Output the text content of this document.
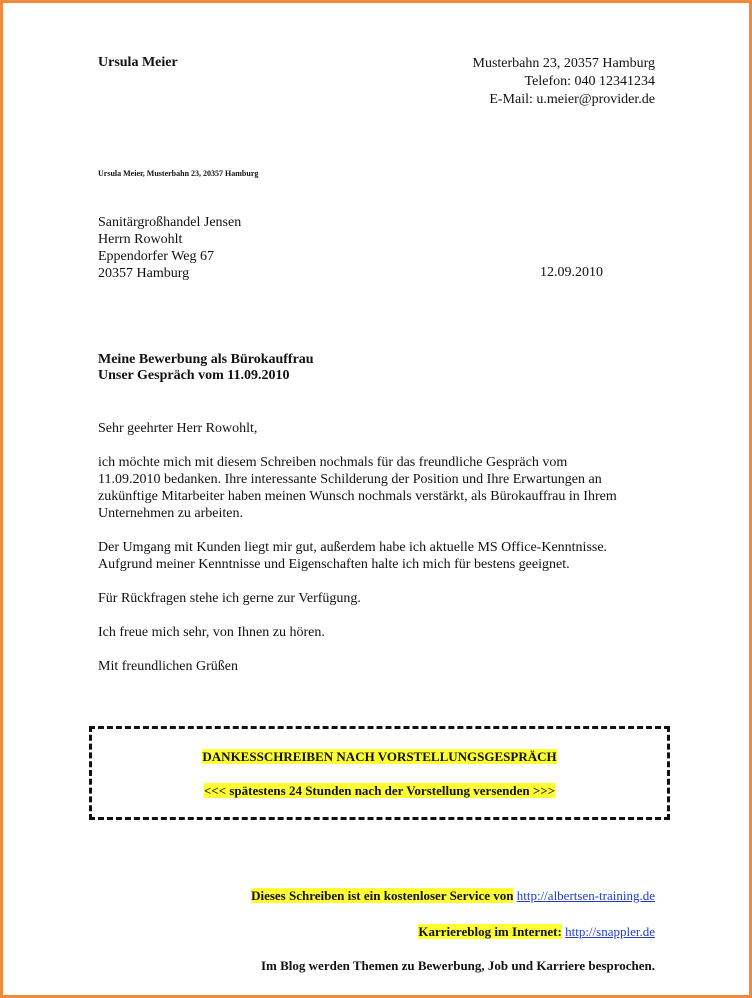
Ursula Meier	Musterbahn 23, 20357 Hamburg
Telefon: 040 12341234
E-Mail: u.meier@provider.de
Ursula Meier, Musterbahn 23, 20357 Hamburg
Sanitärgroßhandel Jensen
Herrn Rowohlt
Eppendorfer Weg 67
20357 Hamburg	12.09.2010
Meine Bewerbung als Bürokauffrau
Unser Gespräch vom 11.09.2010

Sehr geehrter Herr Rowohlt,

ich möchte mich mit diesem Schreiben nochmals für das freundliche Gespräch vom

11.09.2010 bedanken. Ihre interessante Schilderung der Position und Ihre Erwartungen an

zukünftige Mitarbeiter haben meinen Wunsch nochmals verstärkt, als Bürokauffrau in Ihrem

Unternehmen zu arbeiten.

Der Umgang mit Kunden liegt mir gut, außerdem habe ich aktuelle MS Office-Kenntnisse.

Aufgrund meiner Kenntnisse und Eigenschaften halte ich mich für bestens geeignet.

Für Rückfragen stehe ich gerne zur Verfügung.

Ich freue mich sehr, von Ihnen zu hören.

Mit freundlichen Grüßen

DANKESSCHREIBEN NACH VORSTELLUNGSGESPRÄCH
<<< spätestens 24 Stunden nach der Vorstellung versenden >>>
Dieses Schreiben ist ein kostenloser Service von http://albertsen-training.de
Karriereblog im Internet: http://snappler.de
Im Blog werden Themen zu Bewerbung, Job und Karriere besprochen.
